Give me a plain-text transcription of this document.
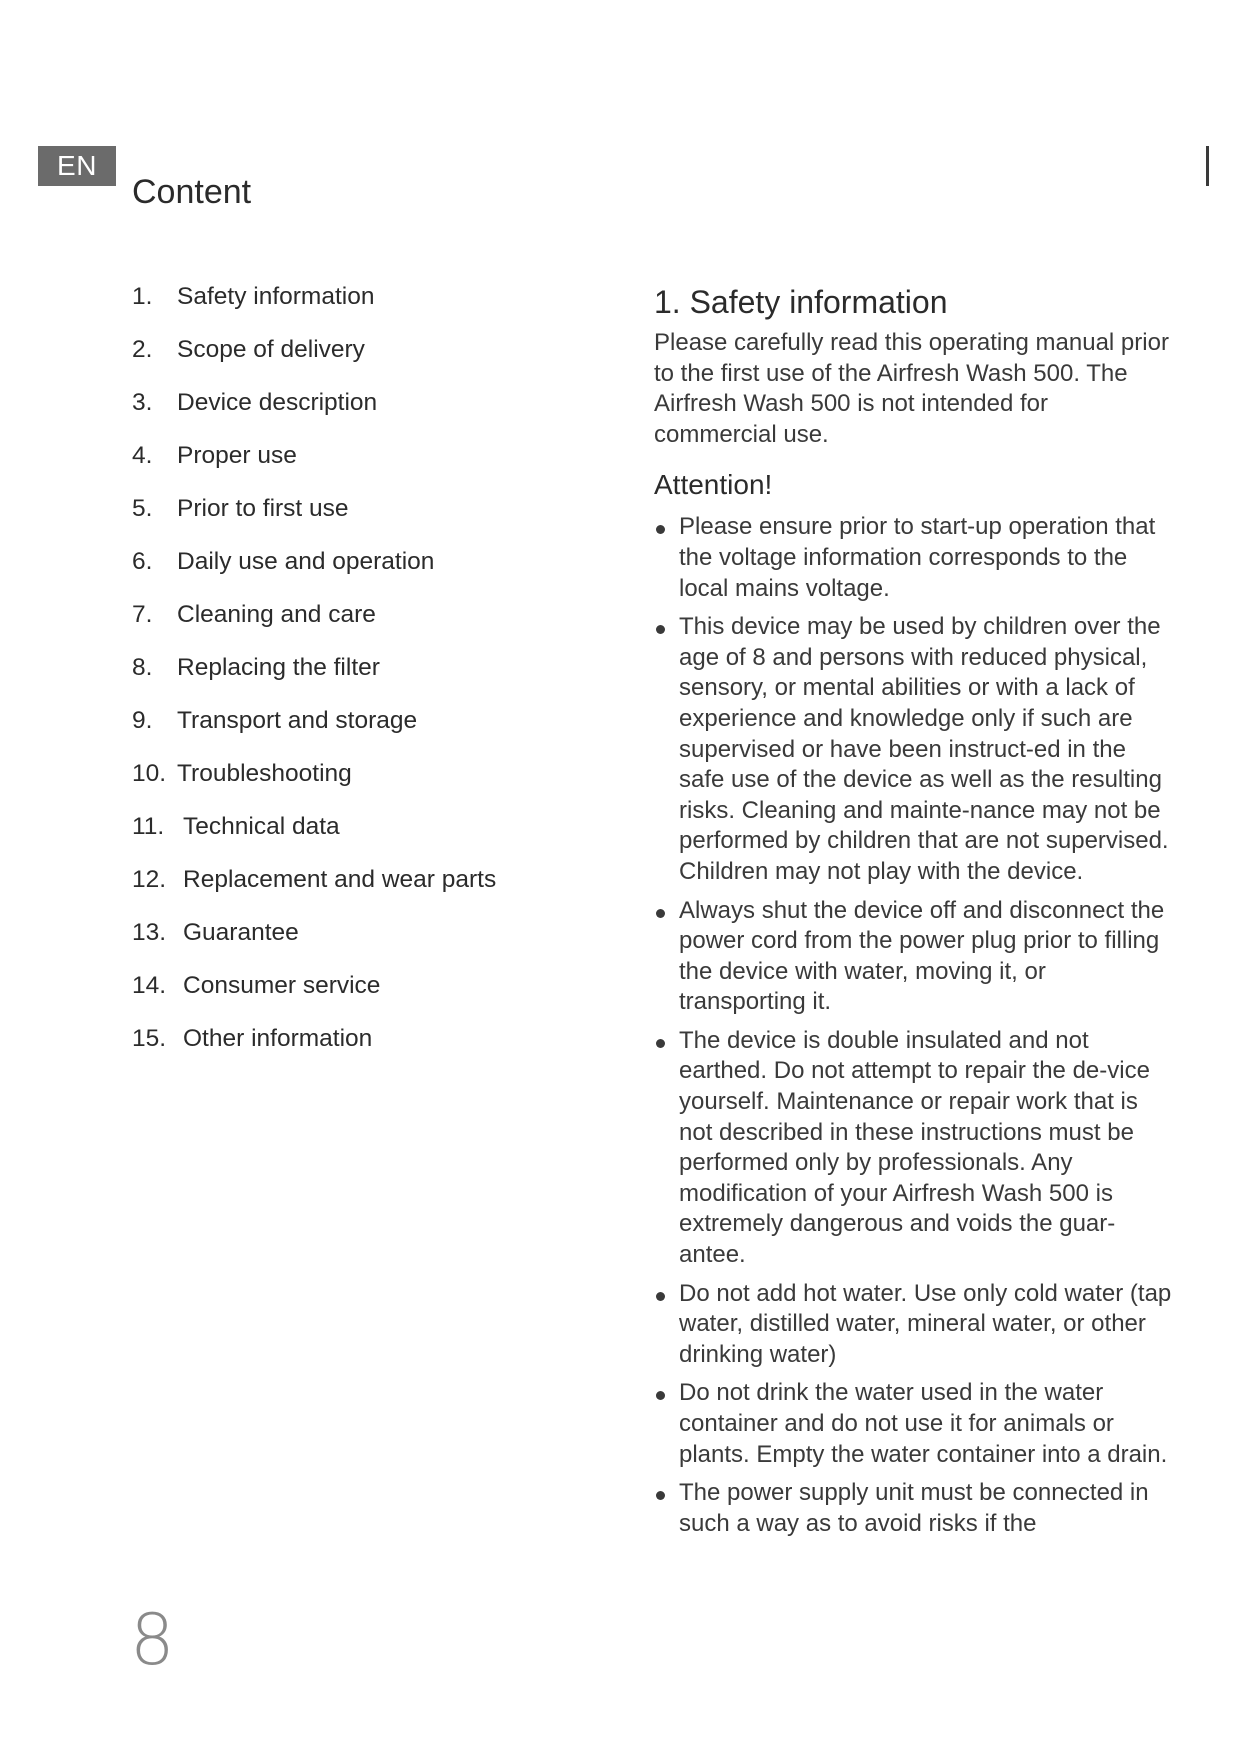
EN
Content
1. Safety information
2. Scope of delivery
3. Device description
4. Proper use
5. Prior to first use
6. Daily use and operation
7. Cleaning and care
8. Replacing the filter
9. Transport and storage
10. Troubleshooting
11. Technical data
12. Replacement and wear parts
13. Guarantee
14. Consumer service
15. Other information
1. Safety information

Please carefully read this operating manual prior to the first use of the Airfresh Wash 500. The Airfresh Wash 500 is not intended for commercial use.

Attention!
Please ensure prior to start-up operation that the voltage information corresponds to the local mains voltage.
This device may be used by children over the age of 8 and persons with reduced physical, sensory, or mental abilities or with a lack of experience and knowledge only if such are supervised or have been instruct-ed in the safe use of the device as well as the resulting risks. Cleaning and mainte-nance may not be performed by children that are not supervised. Children may not play with the device.
Always shut the device off and disconnect the power cord from the power plug prior to filling the device with water, moving it, or transporting it.
The device is double insulated and not earthed. Do not attempt to repair the de-vice yourself. Maintenance or repair work that is not described in these instructions must be performed only by professionals. Any modification of your Airfresh Wash 500 is extremely dangerous and voids the guar-antee.
Do not add hot water. Use only cold water (tap water, distilled water, mineral water, or other drinking water)
Do not drink the water used in the water container and do not use it for animals or plants. Empty the water container into a drain.
The power supply unit must be connected in such a way as to avoid risks if the
8
